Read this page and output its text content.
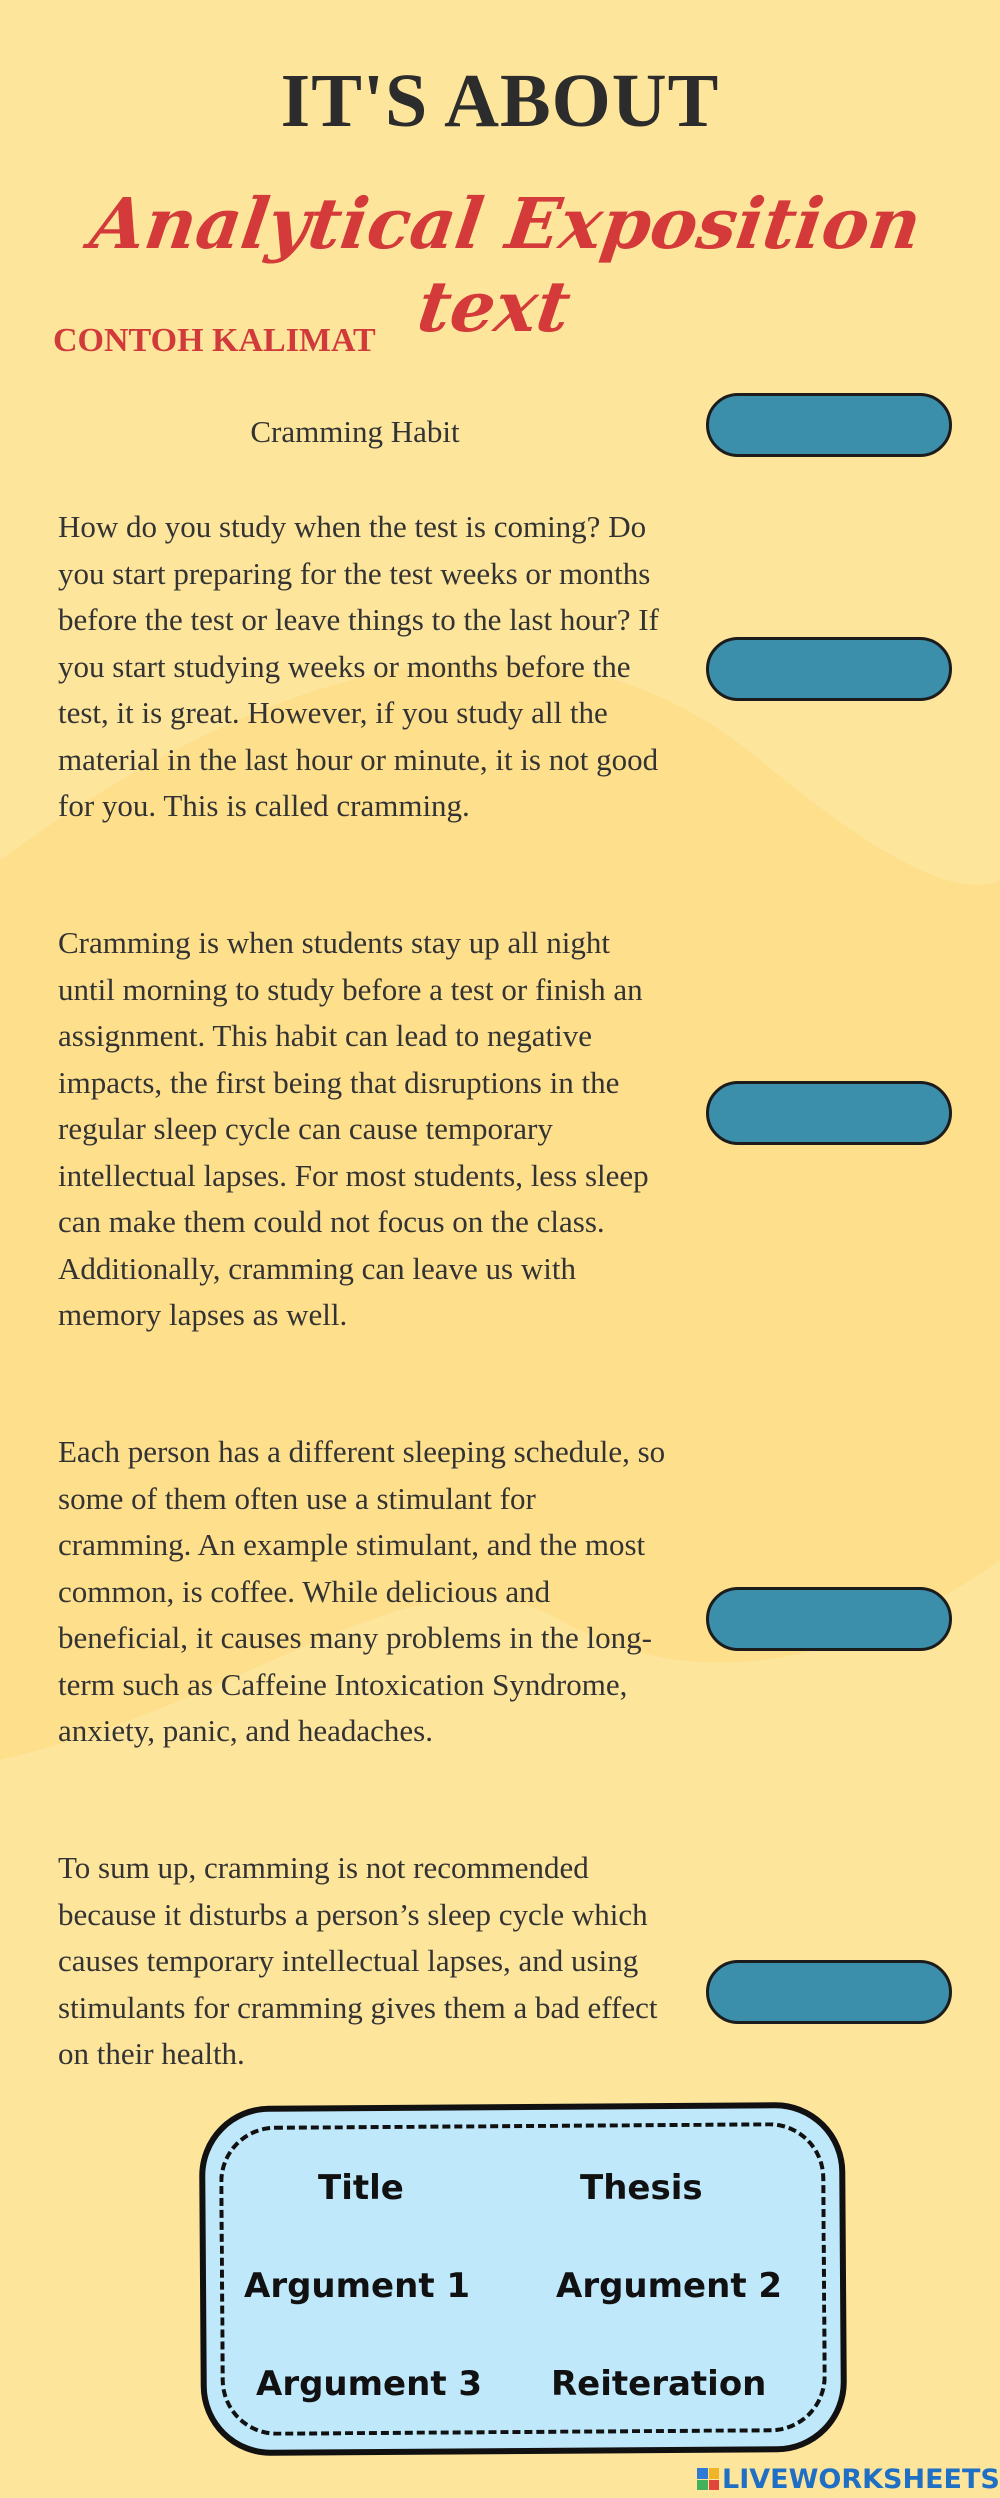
IT'S ABOUT
Analytical Exposition text
CONTOH KALIMAT

Cramming Habit

How do you study when the test is coming? Do you start preparing for the test weeks or months before the test or leave things to the last hour? If you start studying weeks or months before the test, it is great. However, if you study all the material in the last hour or minute, it is not good for you. This is called cramming.

Cramming is when students stay up all night until morning to study before a test or finish an assignment. This habit can lead to negative impacts, the first being that disruptions in the regular sleep cycle can cause temporary intellectual lapses. For most students, less sleep can make them could not focus on the class. Additionally, cramming can leave us with memory lapses as well.

Each person has a different sleeping schedule, so some of them often use a stimulant for cramming. An example stimulant, and the most common, is coffee. While delicious and beneficial, it causes many problems in the long-term such as Caffeine Intoxication Syndrome, anxiety, panic, and headaches.

To sum up, cramming is not recommended because it disturbs a person’s sleep cycle which causes temporary intellectual lapses, and using stimulants for cramming gives them a bad effect on their health.

Title	Thesis
Argument 1	Argument 2
Argument 3 Reiteration
LIVEWORKSHEETS
